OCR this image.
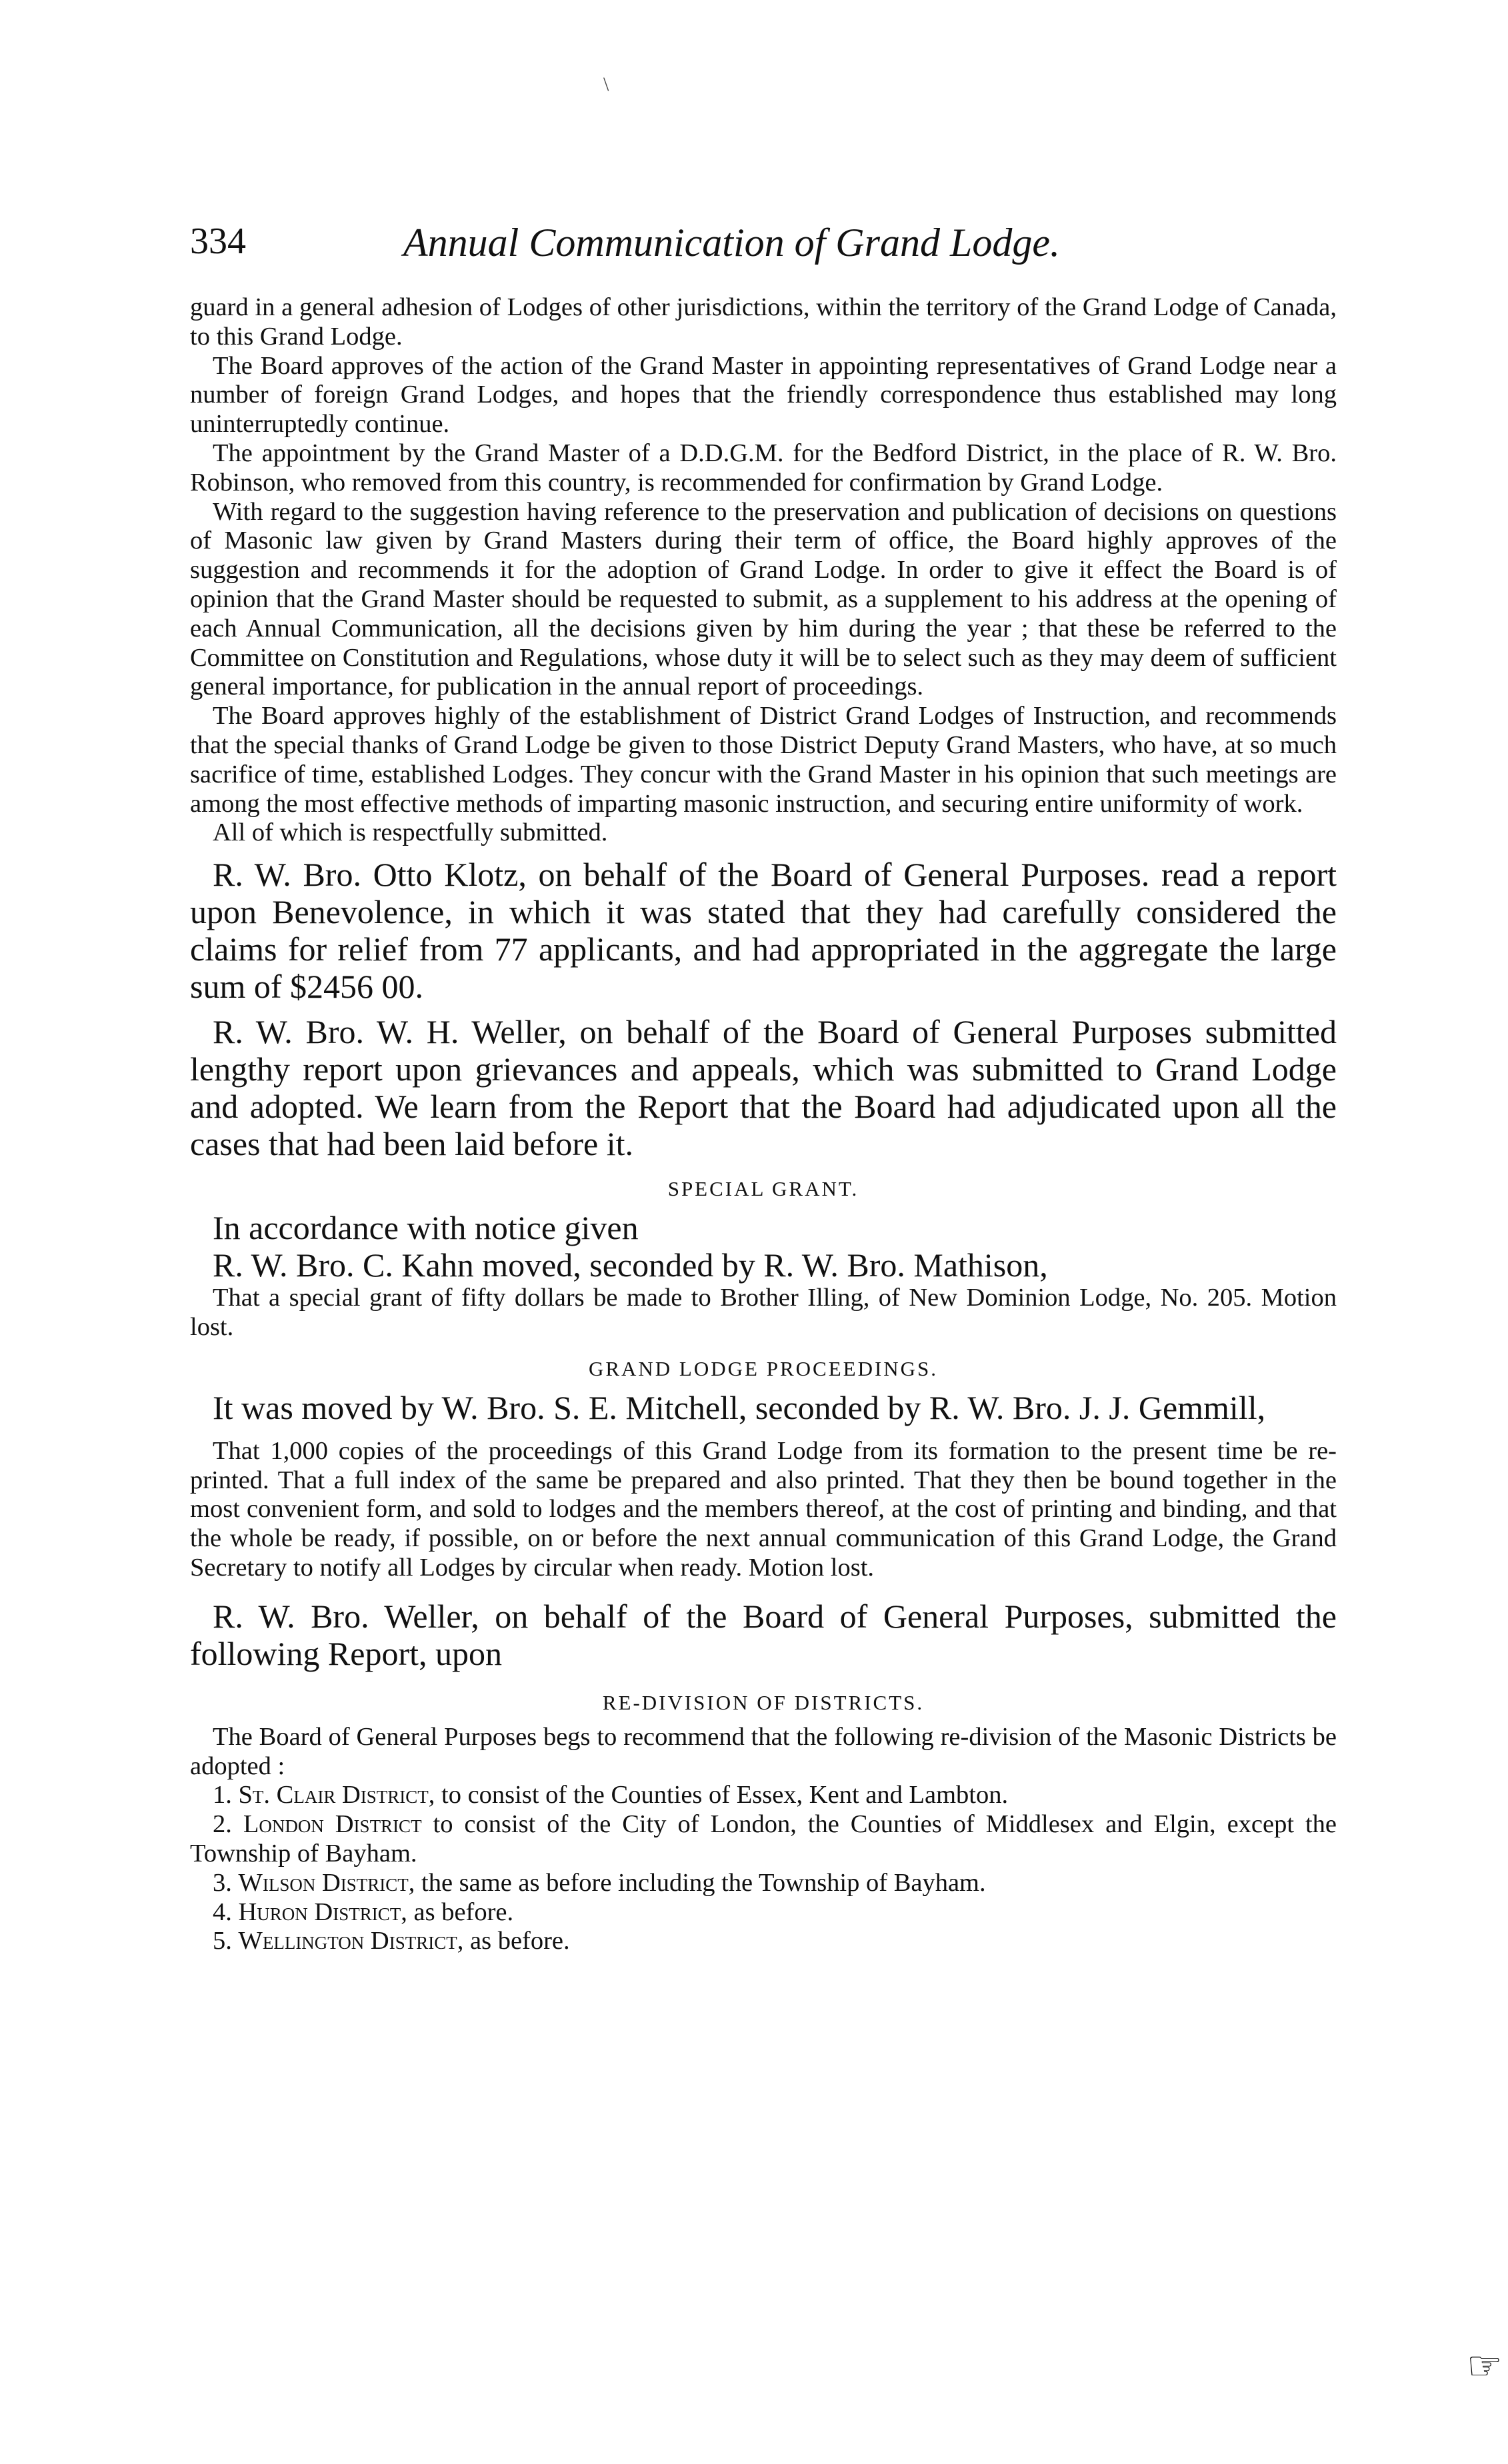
\
334	Annual Communication of Grand Lodge.

guard in a general adhesion of Lodges of other jurisdictions, within the territory of the Grand Lodge of Canada, to this Grand Lodge.

The Board approves of the action of the Grand Master in appointing representatives of Grand Lodge near a number of foreign Grand Lodges, and hopes that the friendly correspondence thus established may long uninterruptedly continue.

The appointment by the Grand Master of a D.D.G.M. for the Bedford District, in the place of R. W. Bro. Robinson, who removed from this country, is recommended for confirmation by Grand Lodge.

With regard to the suggestion having reference to the preservation and publication of decisions on questions of Masonic law given by Grand Masters during their term of office, the Board highly approves of the suggestion and recommends it for the adoption of Grand Lodge. In order to give it effect the Board is of opinion that the Grand Master should be requested to submit, as a supplement to his address at the opening of each Annual Communication, all the decisions given by him during the year ; that these be referred to the Committee on Constitution and Regulations, whose duty it will be to select such as they may deem of sufficient general importance, for publication in the annual report of proceedings.

The Board approves highly of the establishment of District Grand Lodges of Instruction, and recommends that the special thanks of Grand Lodge be given to those District Deputy Grand Masters, who have, at so much sacrifice of time, established Lodges. They concur with the Grand Master in his opinion that such meetings are among the most effective methods of imparting masonic instruction, and securing entire uniformity of work.

All of which is respectfully submitted.

R. W. Bro. Otto Klotz, on behalf of the Board of General Purposes. read a report upon Benevolence, in which it was stated that they had carefully considered the claims for relief from 77 applicants, and had appropriated in the aggregate the large sum of $2456 00.

R. W. Bro. W. H. Weller, on behalf of the Board of General Purposes submitted lengthy report upon grievances and appeals, which was submitted to Grand Lodge and adopted. We learn from the Report that the Board had adjudicated upon all the cases that had been laid before it.

SPECIAL GRANT.

In accordance with notice given

R. W. Bro. C. Kahn moved, seconded by R. W. Bro. Mathison,

That a special grant of fifty dollars be made to Brother Illing, of New Dominion Lodge, No. 205. Motion lost.

GRAND LODGE PROCEEDINGS.

It was moved by W. Bro. S. E. Mitchell, seconded by R. W. Bro. J. J. Gemmill,

That 1,000 copies of the proceedings of this Grand Lodge from its formation to the present time be re-printed. That a full index of the same be prepared and also printed. That they then be bound together in the most convenient form, and sold to lodges and the members thereof, at the cost of printing and binding, and that the whole be ready, if possible, on or before the next annual communication of this Grand Lodge, the Grand Secretary to notify all Lodges by circular when ready. Motion lost.

R. W. Bro. Weller, on behalf of the Board of General Purposes, submitted the following Report, upon

RE-DIVISION OF DISTRICTS.

The Board of General Purposes begs to recommend that the following re-division of the Masonic Districts be adopted :

1. St. Clair District, to consist of the Counties of Essex, Kent and Lambton.
2. London District to consist of the City of London, the Counties of Middlesex and Elgin, except the Township of Bayham.
3. Wilson District, the same as before including the Township of Bayham.
4. Huron District, as before.
5. Wellington District, as before.
☞
